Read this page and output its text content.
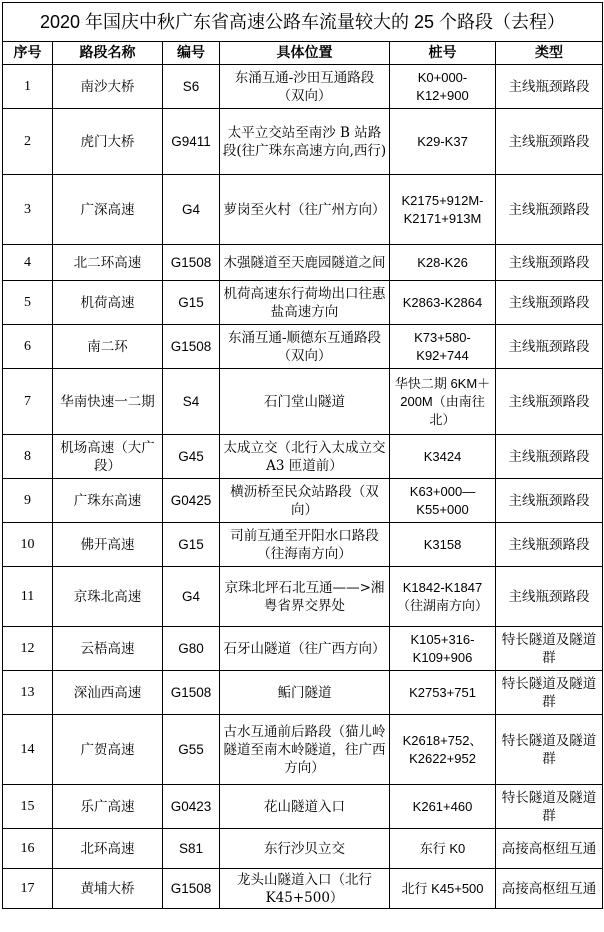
2020 年国庆中秋广东省高速公路车流量较大的 25 个路段（去程）					
序号	路段名称	编号	具体位置	桩号	类型
1	南沙大桥	S6	东涌互通-沙田互通路段（双向）	K0+000-K12+900	主线瓶颈路段
2	虎门大桥	G9411	太平立交站至南沙 B 站路段(往广珠东高速方向,西行)	K29-K37	主线瓶颈路段
3	广深高速	G4	萝岗至火村（往广州方向）	K2175+912M-K2171+913M	主线瓶颈路段
4	北二环高速	G1508	木强隧道至天鹿园隧道之间	K28-K26	主线瓶颈路段
5	机荷高速	G15	机荷高速东行荷坳出口往惠盐高速方向	K2863-K2864	主线瓶颈路段
6	南二环	G1508	东涌互通-顺德东互通路段（双向）	K73+580-K92+744	主线瓶颈路段
7	华南快速一二期	S4	石门堂山隧道	华快二期 6KM＋200M（由南往北）	主线瓶颈路段
8	机场高速（大广段）	G45	太成立交（北行入太成立交 A3 匝道前）	K3424	主线瓶颈路段
9	广珠东高速	G0425	横沥桥至民众站路段（双向）	K63+000—K55+000	主线瓶颈路段
10	佛开高速	G15	司前互通至开阳水口路段（往海南方向）	K3158	主线瓶颈路段
11	京珠北高速	G4	京珠北坪石北互通——>湘粤省界交界处	K1842-K1847（往湖南方向）	主线瓶颈路段
12	云梧高速	G80	石牙山隧道（往广西方向）	K105+316-K109+906	特长隧道及隧道群
13	深汕西高速	G1508	鲘门隧道	K2753+751	特长隧道及隧道群
14	广贺高速	G55	古水互通前后路段（猫儿岭隧道至南木岭隧道，往广西方向）	K2618+752、K2622+952	特长隧道及隧道群
15	乐广高速	G0423	花山隧道入口	K261+460	特长隧道及隧道群
16	北环高速	S81	东行沙贝立交	东行 K0	高接高枢纽互通
17	黄埔大桥	G1508	龙头山隧道入口（北行 K45+500）	北行 K45+500	高接高枢纽互通
